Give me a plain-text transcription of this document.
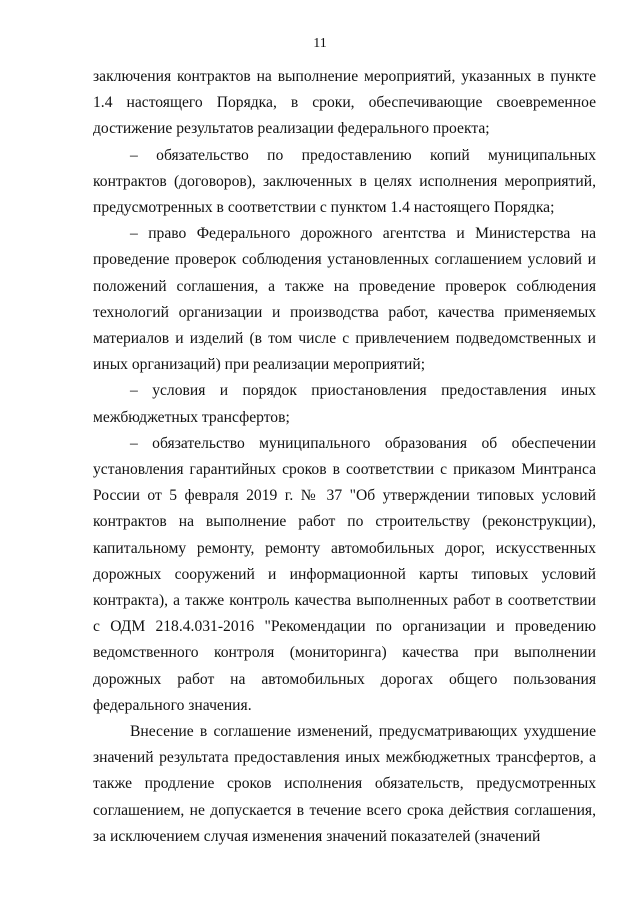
11

заключения контрактов на выполнение мероприятий, указанных в пункте 1.4 настоящего Порядка, в сроки, обеспечивающие своевременное достижение результатов реализации федерального проекта;

– обязательство по предоставлению копий муниципальных контрактов (договоров), заключенных в целях исполнения мероприятий, предусмотренных в соответствии с пунктом 1.4 настоящего Порядка;

– право Федерального дорожного агентства и Министерства на проведение проверок соблюдения установленных соглашением условий и положений соглашения, а также на проведение проверок соблюдения технологий организации и производства работ, качества применяемых материалов и изделий (в том числе с привлечением подведомственных и иных организаций) при реализации мероприятий;

– условия и порядок приостановления предоставления иных межбюджетных трансфертов;

– обязательство муниципального образования об обеспечении установления гарантийных сроков в соответствии с приказом Минтранса России от 5 февраля 2019 г. № 37 "Об утверждении типовых условий контрактов на выполнение работ по строительству (реконструкции), капитальному ремонту, ремонту автомобильных дорог, искусственных дорожных сооружений и информационной карты типовых условий контракта), а также контроль качества выполненных работ в соответствии с ОДМ 218.4.031-2016 "Рекомендации по организации и проведению ведомственного контроля (мониторинга) качества при выполнении дорожных работ на автомобильных дорогах общего пользования федерального значения.

Внесение в соглашение изменений, предусматривающих ухудшение значений результата предоставления иных межбюджетных трансфертов, а также продление сроков исполнения обязательств, предусмотренных соглашением, не допускается в течение всего срока действия соглашения, за исключением случая изменения значений показателей (значений
